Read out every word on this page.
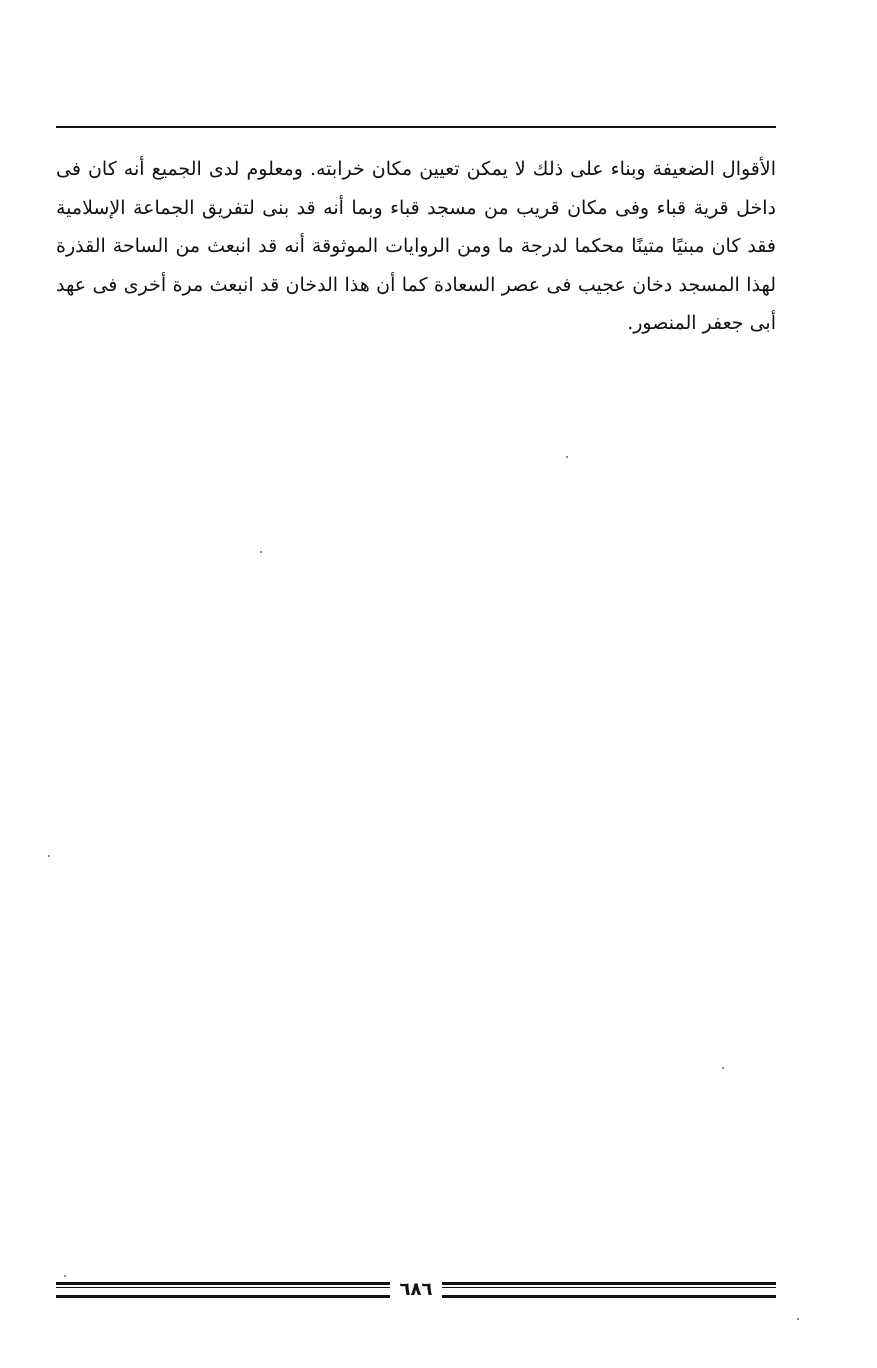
الأقوال الضعيفة وبناء على ذلك لا يمكن تعيين مكان خرابته. ومعلوم لدى الجميع أنه كان فى داخل قرية قباء وفى مكان قريب من مسجد قباء وبما أنه قد بنى لتفريق الجماعة الإسلامية فقد كان مبنيًا متينًا محكما لدرجة ما ومن الروايات الموثوقة أنه قد انبعث من الساحة القذرة لهذا المسجد دخان عجيب فى عصر السعادة كما أن هذا الدخان قد انبعث مرة أخرى فى عهد أبى جعفر المنصور.

٦٨٦
